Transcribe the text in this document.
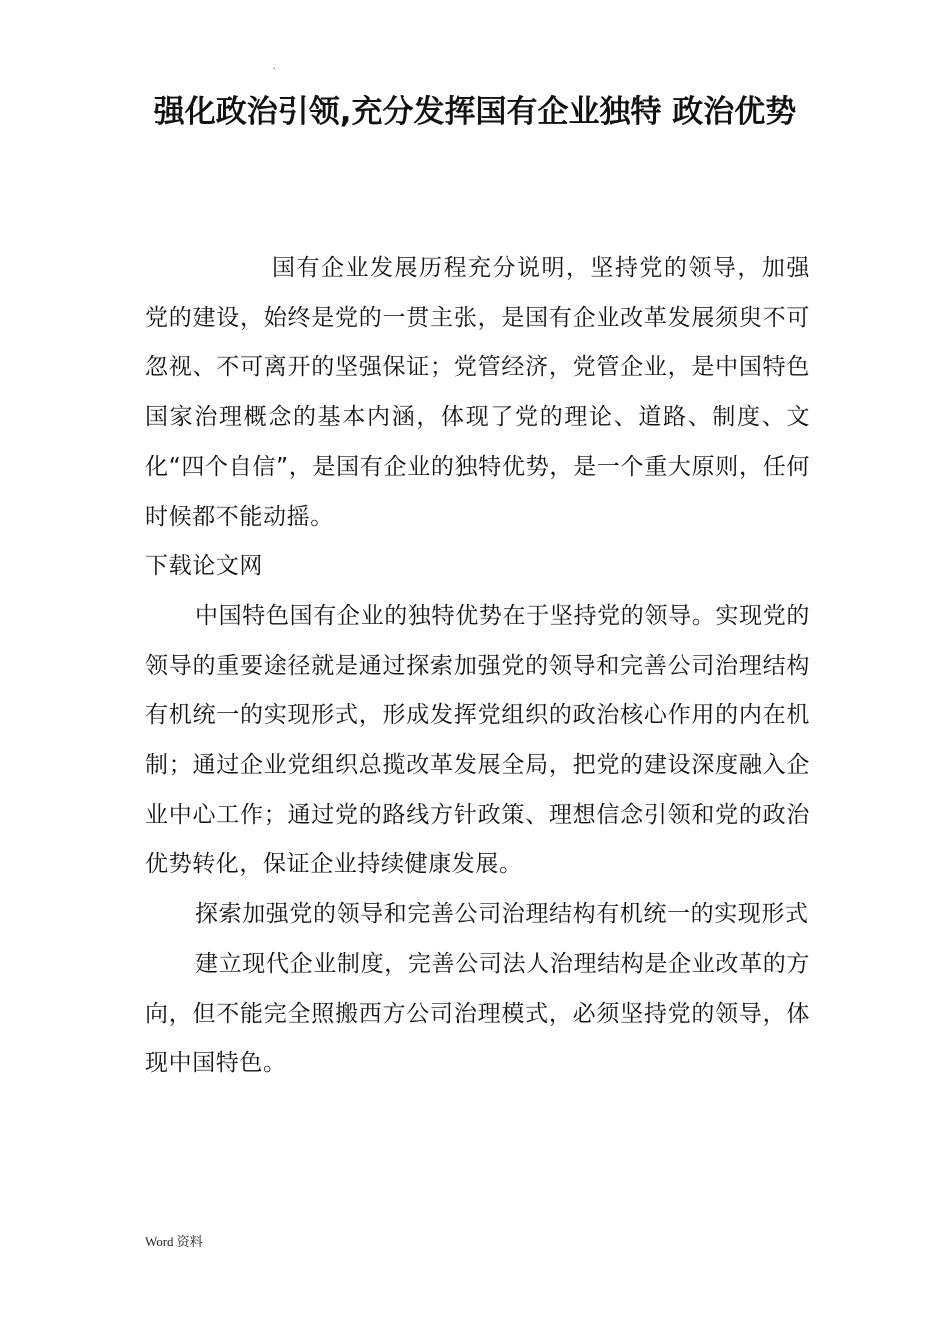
.
强化政治引领,充分发挥国有企业独特 政治优势

国有企业发展历程充分说明，坚持党的领导，加强党的建设，始终是党的一贯主张，是国有企业改革发展须臾不可忽视、不可离开的坚强保证；党管经济，党管企业，是中国特色国家治理概念的基本内涵，体现了党的理论、道路、制度、文化“四个自信”，是国有企业的独特优势，是一个重大原则，任何时候都不能动摇。

下载论文网

中国特色国有企业的独特优势在于坚持党的领导。实现党的领导的重要途径就是通过探索加强党的领导和完善公司治理结构有机统一的实现形式，形成发挥党组织的政治核心作用的内在机制；通过企业党组织总揽改革发展全局，把党的建设深度融入企业中心工作；通过党的路线方针政策、理想信念引领和党的政治优势转化，保证企业持续健康发展。

探索加强党的领导和完善公司治理结构有机统一的实现形式

建立现代企业制度，完善公司法人治理结构是企业改革的方向，但不能完全照搬西方公司治理模式，必须坚持党的领导，体现中国特色。

Word 资料
